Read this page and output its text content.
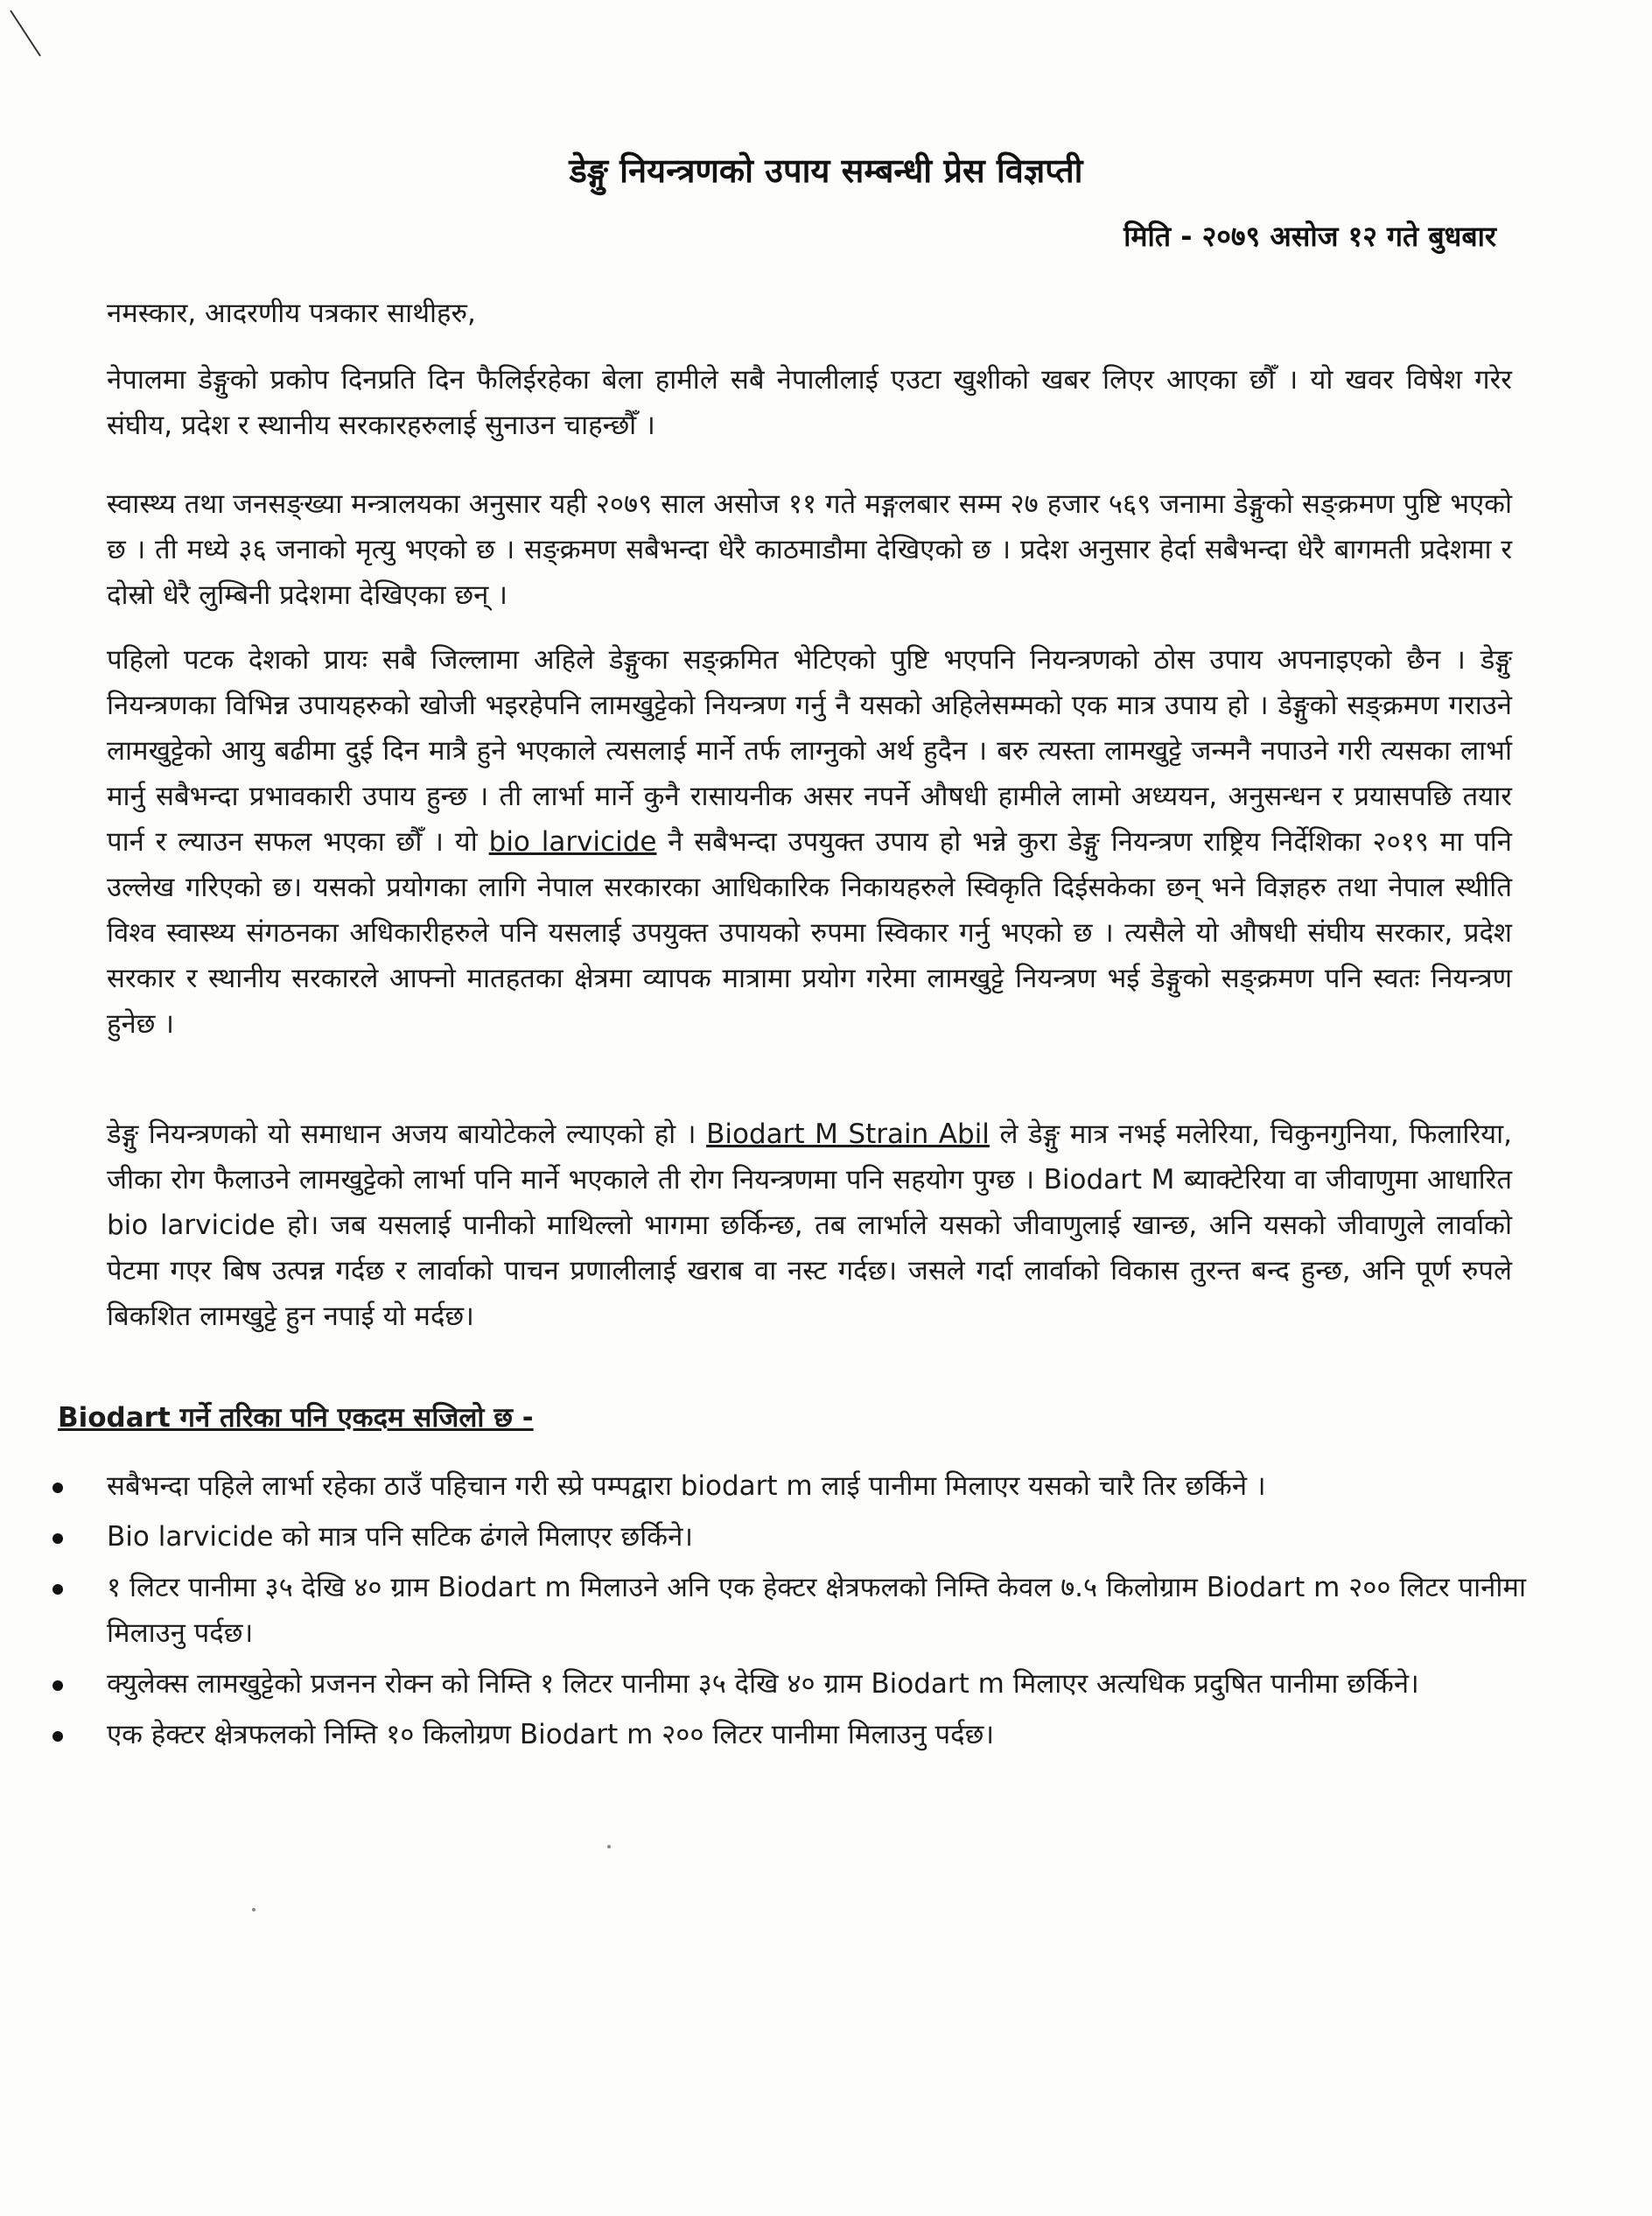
डेङ्गु नियन्त्रणको उपाय सम्बन्धी प्रेस विज्ञप्ती
मिति - २०७९ असोज १२ गते बुधबार
नमस्कार, आदरणीय पत्रकार साथीहरु,

नेपालमा डेङ्गुको प्रकोप दिनप्रति दिन फैलिईरहेका बेला हामीले सबै नेपालीलाई एउटा खुशीको खबर लिएर आएका छौँ । यो खवर विषेश गरेर संघीय, प्रदेश र स्थानीय सरकारहरुलाई सुनाउन चाहन्छौँ ।

स्वास्थ्य तथा जनसङ्ख्या मन्त्रालयका अनुसार यही २०७९ साल असोज ११ गते मङ्गलबार सम्म २७ हजार ५६९ जनामा डेङ्गुको सङ्क्रमण पुष्टि भएको छ । ती मध्ये ३६ जनाको मृत्यु भएको छ । सङ्क्रमण सबैभन्दा धेरै काठमाडौमा देखिएको छ । प्रदेश अनुसार हेर्दा सबैभन्दा धेरै बागमती प्रदेशमा र दोस्रो धेरै लुम्बिनी प्रदेशमा देखिएका छन् ।

पहिलो पटक देशको प्रायः सबै जिल्लामा अहिले डेङ्गुका सङ्क्रमित भेटिएको पुष्टि भएपनि नियन्त्रणको ठोस उपाय अपनाइएको छैन । डेङ्गु नियन्त्रणका विभिन्न उपायहरुको खोजी भइरहेपनि लामखुट्टेको नियन्त्रण गर्नु नै यसको अहिलेसम्मको एक मात्र उपाय हो । डेङ्गुको सङ्क्रमण गराउने लामखुट्टेको आयु बढीमा दुई दिन मात्रै हुने भएकाले त्यसलाई मार्ने तर्फ लाग्नुको अर्थ हुदैन । बरु त्यस्ता लामखुट्टे जन्मनै नपाउने गरी त्यसका लार्भा मार्नु सबैभन्दा प्रभावकारी उपाय हुन्छ । ती लार्भा मार्ने कुनै रासायनीक असर नपर्ने औषधी हामीले लामो अध्ययन, अनुसन्धन र प्रयासपछि तयार पार्न र ल्याउन सफल भएका छौँ । यो bio larvicide नै सबैभन्दा उपयुक्त उपाय हो भन्ने कुरा डेङ्गु नियन्त्रण राष्ट्रिय निर्देशिका २०१९ मा पनि उल्लेख गरिएको छ। यसको प्रयोगका लागि नेपाल सरकारका आधिकारिक निकायहरुले स्विकृति दिईसकेका छन् भने विज्ञहरु तथा नेपाल स्थीति विश्व स्वास्थ्य संगठनका अधिकारीहरुले पनि यसलाई उपयुक्त उपायको रुपमा स्विकार गर्नु भएको छ । त्यसैले यो औषधी संघीय सरकार, प्रदेश सरकार र स्थानीय सरकारले आफ्नो मातहतका क्षेत्रमा व्यापक मात्रामा प्रयोग गरेमा लामखुट्टे नियन्त्रण भई डेङ्गुको सङ्क्रमण पनि स्वतः नियन्त्रण हुनेछ ।

डेङ्गु नियन्त्रणको यो समाधान अजय बायोटेकले ल्याएको हो । Biodart M Strain Abil ले डेङ्गु मात्र नभई मलेरिया, चिकुनगुनिया, फिलारिया, जीका रोग फैलाउने लामखुट्टेको लार्भा पनि मार्ने भएकाले ती रोग नियन्त्रणमा पनि सहयोग पुग्छ । Biodart M ब्याक्टेरिया वा जीवाणुमा आधारित bio larvicide हो। जब यसलाई पानीको माथिल्लो भागमा छर्किन्छ, तब लार्भाले यसको जीवाणुलाई खान्छ, अनि यसको जीवाणुले लार्वाको पेटमा गएर बिष उत्पन्न गर्दछ र लार्वाको पाचन प्रणालीलाई खराब वा नस्ट गर्दछ। जसले गर्दा लार्वाको विकास तुरन्त बन्द हुन्छ, अनि पूर्ण रुपले बिकशित लामखुट्टे हुन नपाई यो मर्दछ।

Biodart गर्ने तरिका पनि एकदम सजिलो छ -
सबैभन्दा पहिले लार्भा रहेका ठाउँ पहिचान गरी स्प्रे पम्पद्वारा biodart m लाई पानीमा मिलाएर यसको चारै तिर छर्किने ।
Bio larvicide को मात्र पनि सटिक ढंगले मिलाएर छर्किने।
१ लिटर पानीमा ३५ देखि ४० ग्राम Biodart m मिलाउने अनि एक हेक्टर क्षेत्रफलको निम्ति केवल ७.५ किलोग्राम Biodart m २०० लिटर पानीमा मिलाउनु पर्दछ।
क्युलेक्स लामखुट्टेको प्रजनन रोक्न को निम्ति १ लिटर पानीमा ३५ देखि ४० ग्राम Biodart m मिलाएर अत्यधिक प्रदुषित पानीमा छर्किने।
एक हेक्टर क्षेत्रफलको निम्ति १० किलोग्रण Biodart m २०० लिटर पानीमा मिलाउनु पर्दछ।
